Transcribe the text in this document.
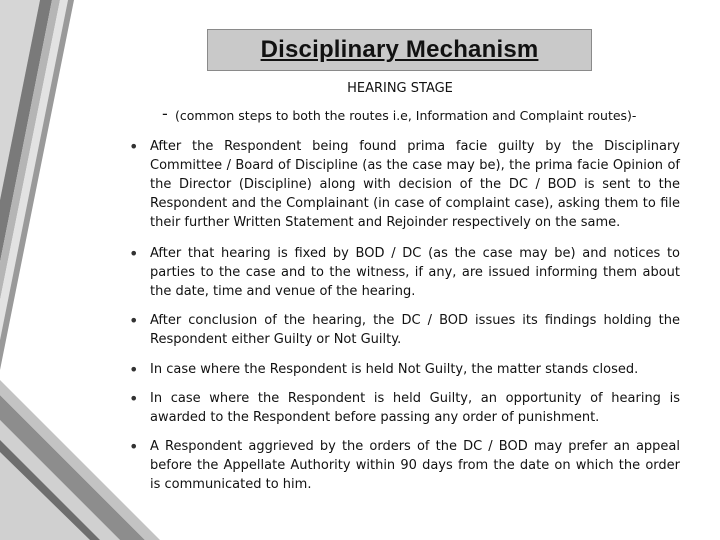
Disciplinary Mechanism
HEARING STAGE
- (common steps to both the routes i.e, Information and Complaint routes)-
• After the Respondent being found prima facie guilty by the Disciplinary Committee / Board of Discipline (as the case may be), the prima facie Opinion of the Director (Discipline) along with decision of the DC / BOD is sent to the Respondent and the Complainant (in case of complaint case), asking them to file their further Written Statement and Rejoinder respectively on the same.
• After that hearing is fixed by BOD / DC (as the case may be) and notices to parties to the case and to the witness, if any, are issued informing them about the date, time and venue of the hearing.
• After conclusion of the hearing, the DC / BOD issues its findings holding the Respondent either Guilty or Not Guilty.
• In case where the Respondent is held Not Guilty, the matter stands closed.
• In case where the Respondent is held Guilty, an opportunity of hearing is awarded to the Respondent before passing any order of punishment.
• A Respondent aggrieved by the orders of the DC / BOD may prefer an appeal before the Appellate Authority within 90 days from the date on which the order is communicated to him.
